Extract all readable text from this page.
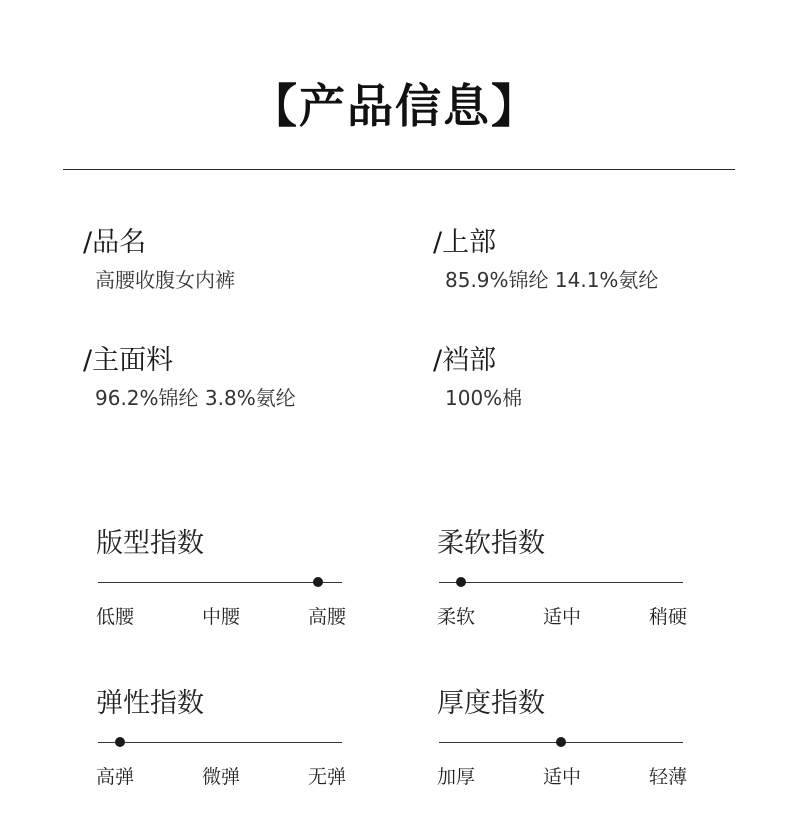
【产品信息】
/品名
高腰收腹女内裤
/上部
85.9%锦纶 14.1%氨纶
/主面料
96.2%锦纶 3.8%氨纶
/裆部
100%棉
版型指数
低腰	中腰	高腰
柔软指数
柔软	适中	稍硬
弹性指数
高弹	微弹	无弹
厚度指数
加厚	适中	轻薄
